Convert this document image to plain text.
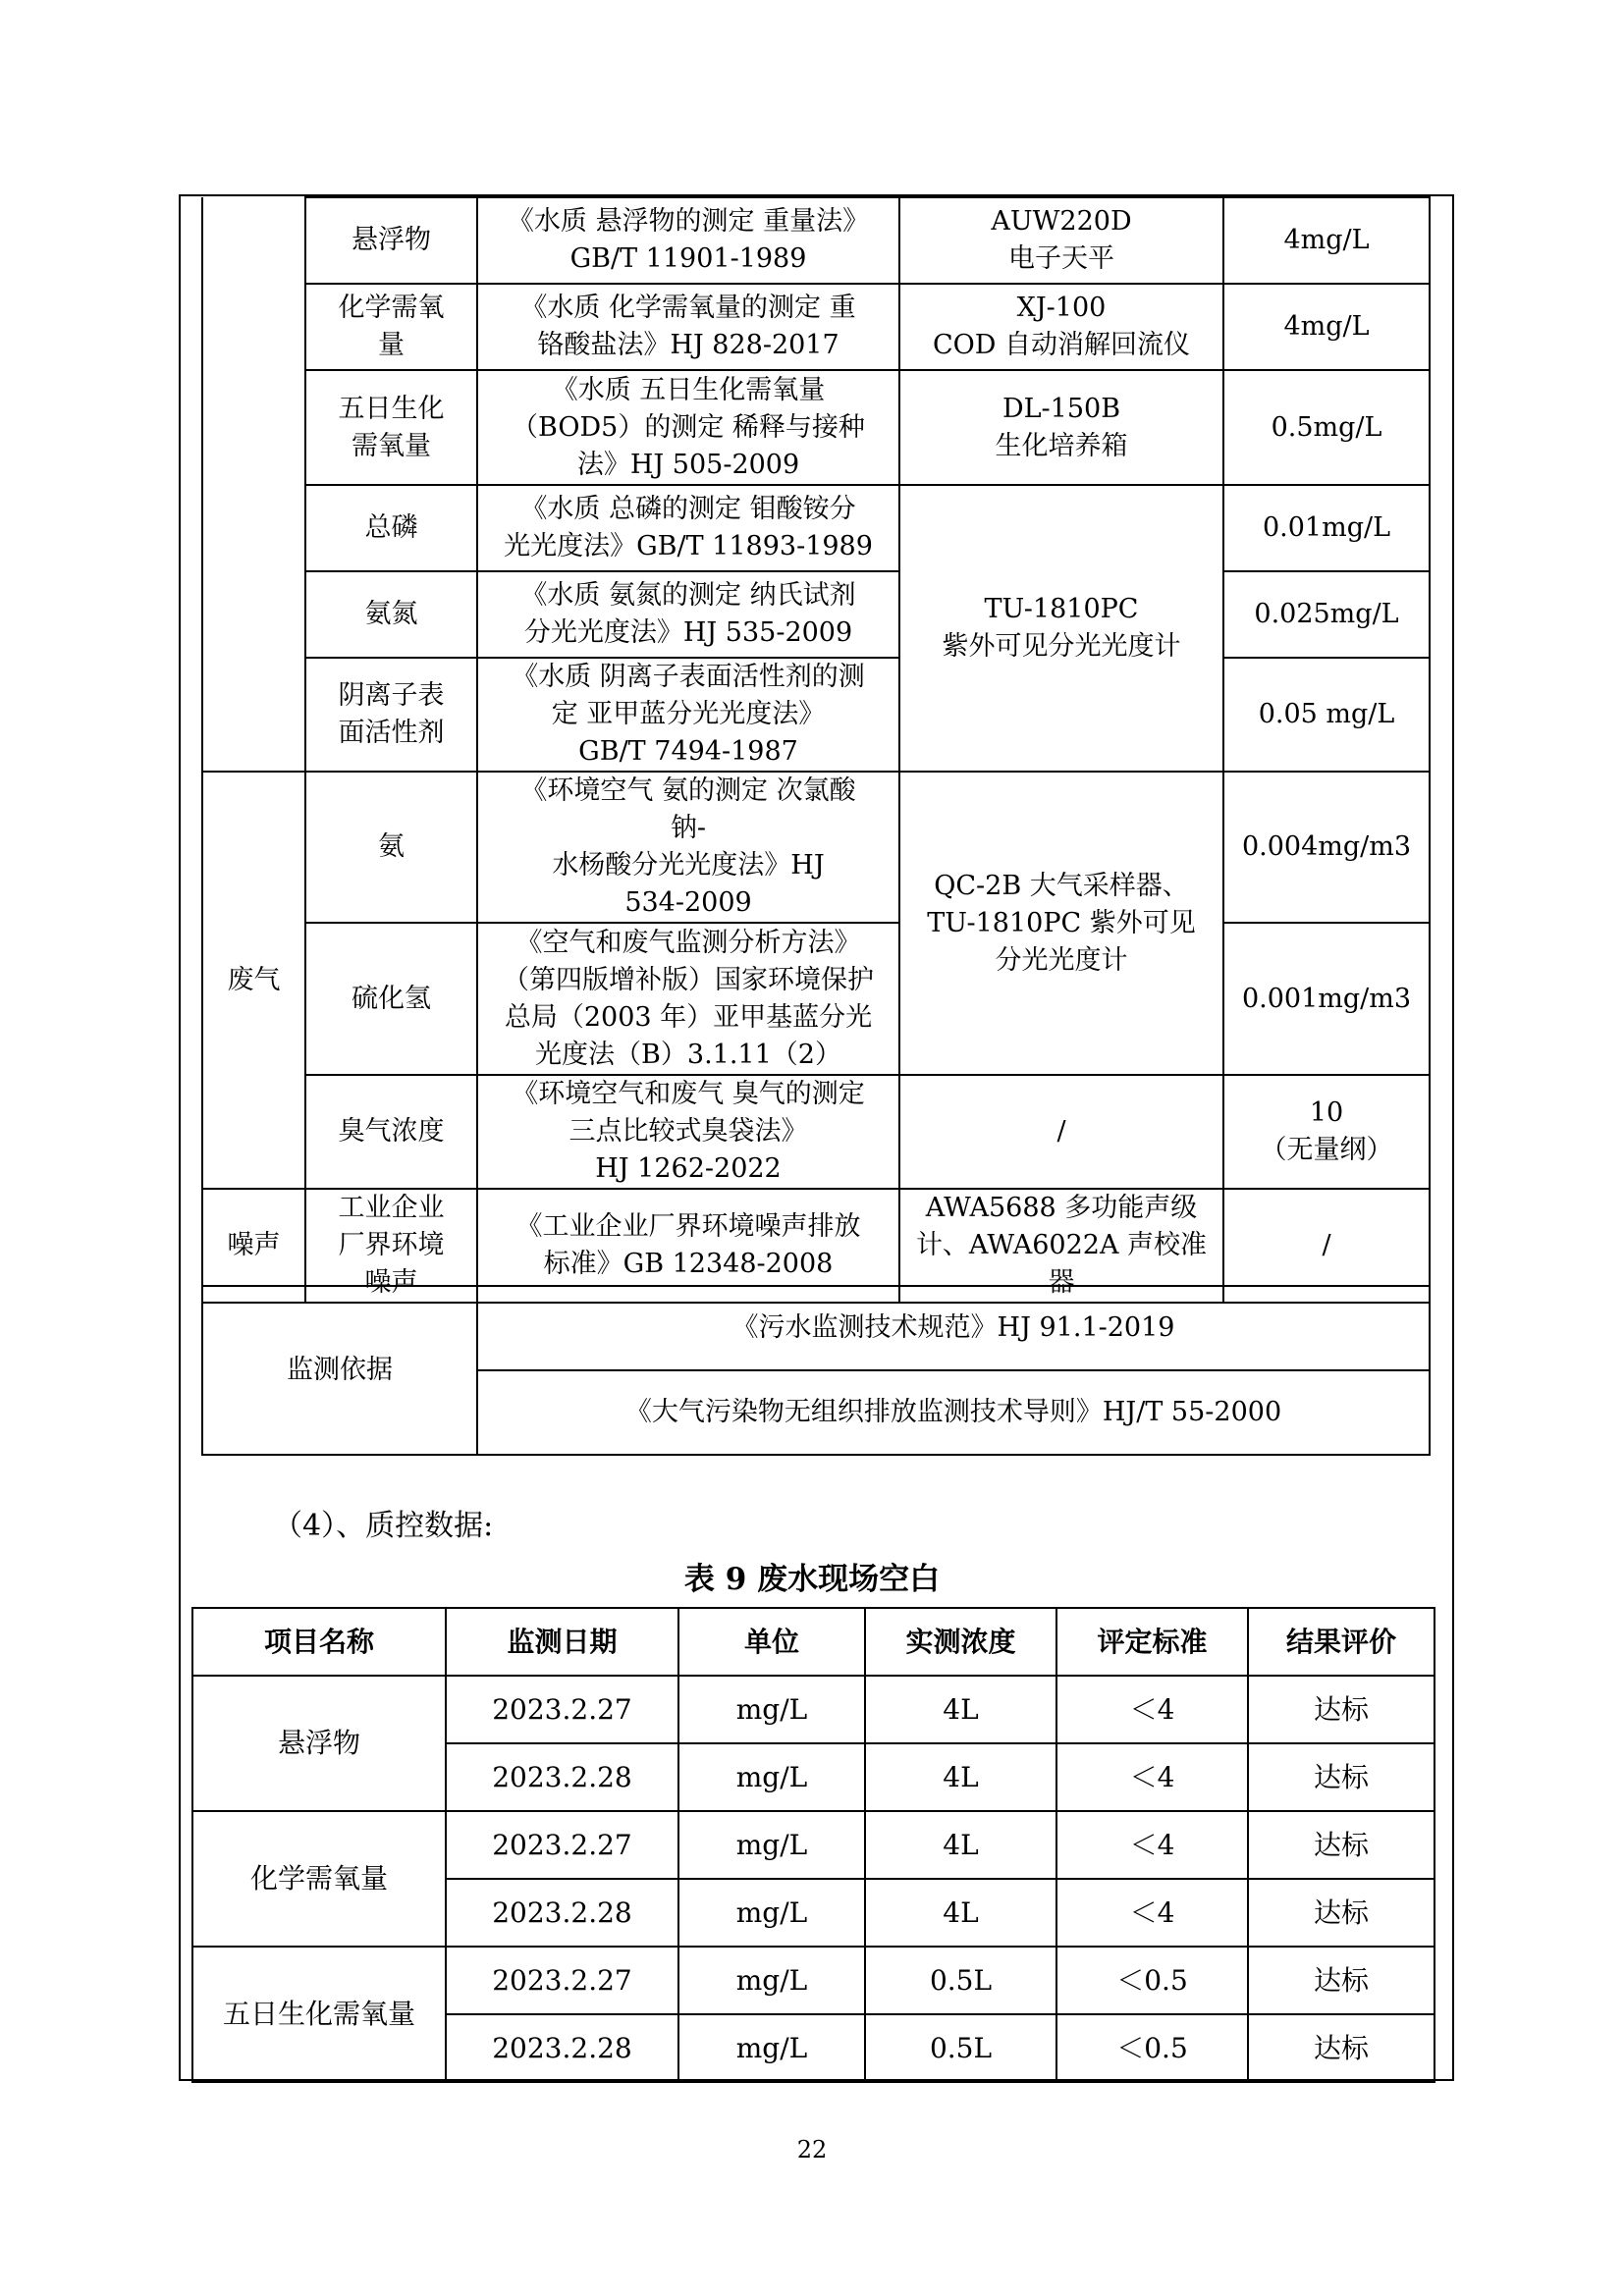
	悬浮物	《水质 悬浮物的测定 重量法》
GB/T 11901-1989	AUW220D
电子天平	4mg/L
	化学需氧
量	《水质 化学需氧量的测定 重
铬酸盐法》HJ 828-2017	XJ-100
COD 自动消解回流仪	4mg/L
	五日生化
需氧量	《水质 五日生化需氧量
（BOD5）的测定 稀释与接种
法》HJ 505-2009	DL-150B
生化培养箱	0.5mg/L
	总磷	《水质 总磷的测定 钼酸铵分
光光度法》GB/T 11893-1989	TU-1810PC
紫外可见分光光度计	0.01mg/L
	氨氮	《水质 氨氮的测定 纳氏试剂
分光光度法》HJ 535-2009		0.025mg/L
	阴离子表
面活性剂	《水质 阴离子表面活性剂的测
定 亚甲蓝分光光度法》
GB/T 7494-1987		0.05 mg/L
废气	氨	《环境空气 氨的测定 次氯酸
钠-
水杨酸分光光度法》HJ
534-2009	QC-2B 大气采样器、
TU-1810PC 紫外可见
分光光度计	0.004mg/m3
	硫化氢	《空气和废气监测分析方法》
（第四版增补版）国家环境保护
总局（2003 年）亚甲基蓝分光
光度法（B）3.1.11（2）		0.001mg/m3
	臭气浓度	《环境空气和废气 臭气的测定
三点比较式臭袋法》
HJ 1262-2022	/	10
（无量纲）
噪声	工业企业
厂界环境
噪声	《工业企业厂界环境噪声排放
标准》GB 12348-2008	AWA5688 多功能声级
计、AWA6022A 声校准
器	/
监测依据	《污水监测技术规范》HJ 91.1-2019
《大气污染物无组织排放监测技术导则》HJ/T 55-2000
（4）、质控数据:
表 9 废水现场空白
项目名称	监测日期	单位	实测浓度	评定标准	结果评价
悬浮物	2023.2.27	mg/L	4L	＜4	达标
	2023.2.28	mg/L	4L	＜4	达标
化学需氧量	2023.2.27	mg/L	4L	＜4	达标
	2023.2.28	mg/L	4L	＜4	达标
五日生化需氧量	2023.2.27	mg/L	0.5L	＜0.5	达标
	2023.2.28	mg/L	0.5L	＜0.5	达标
22
